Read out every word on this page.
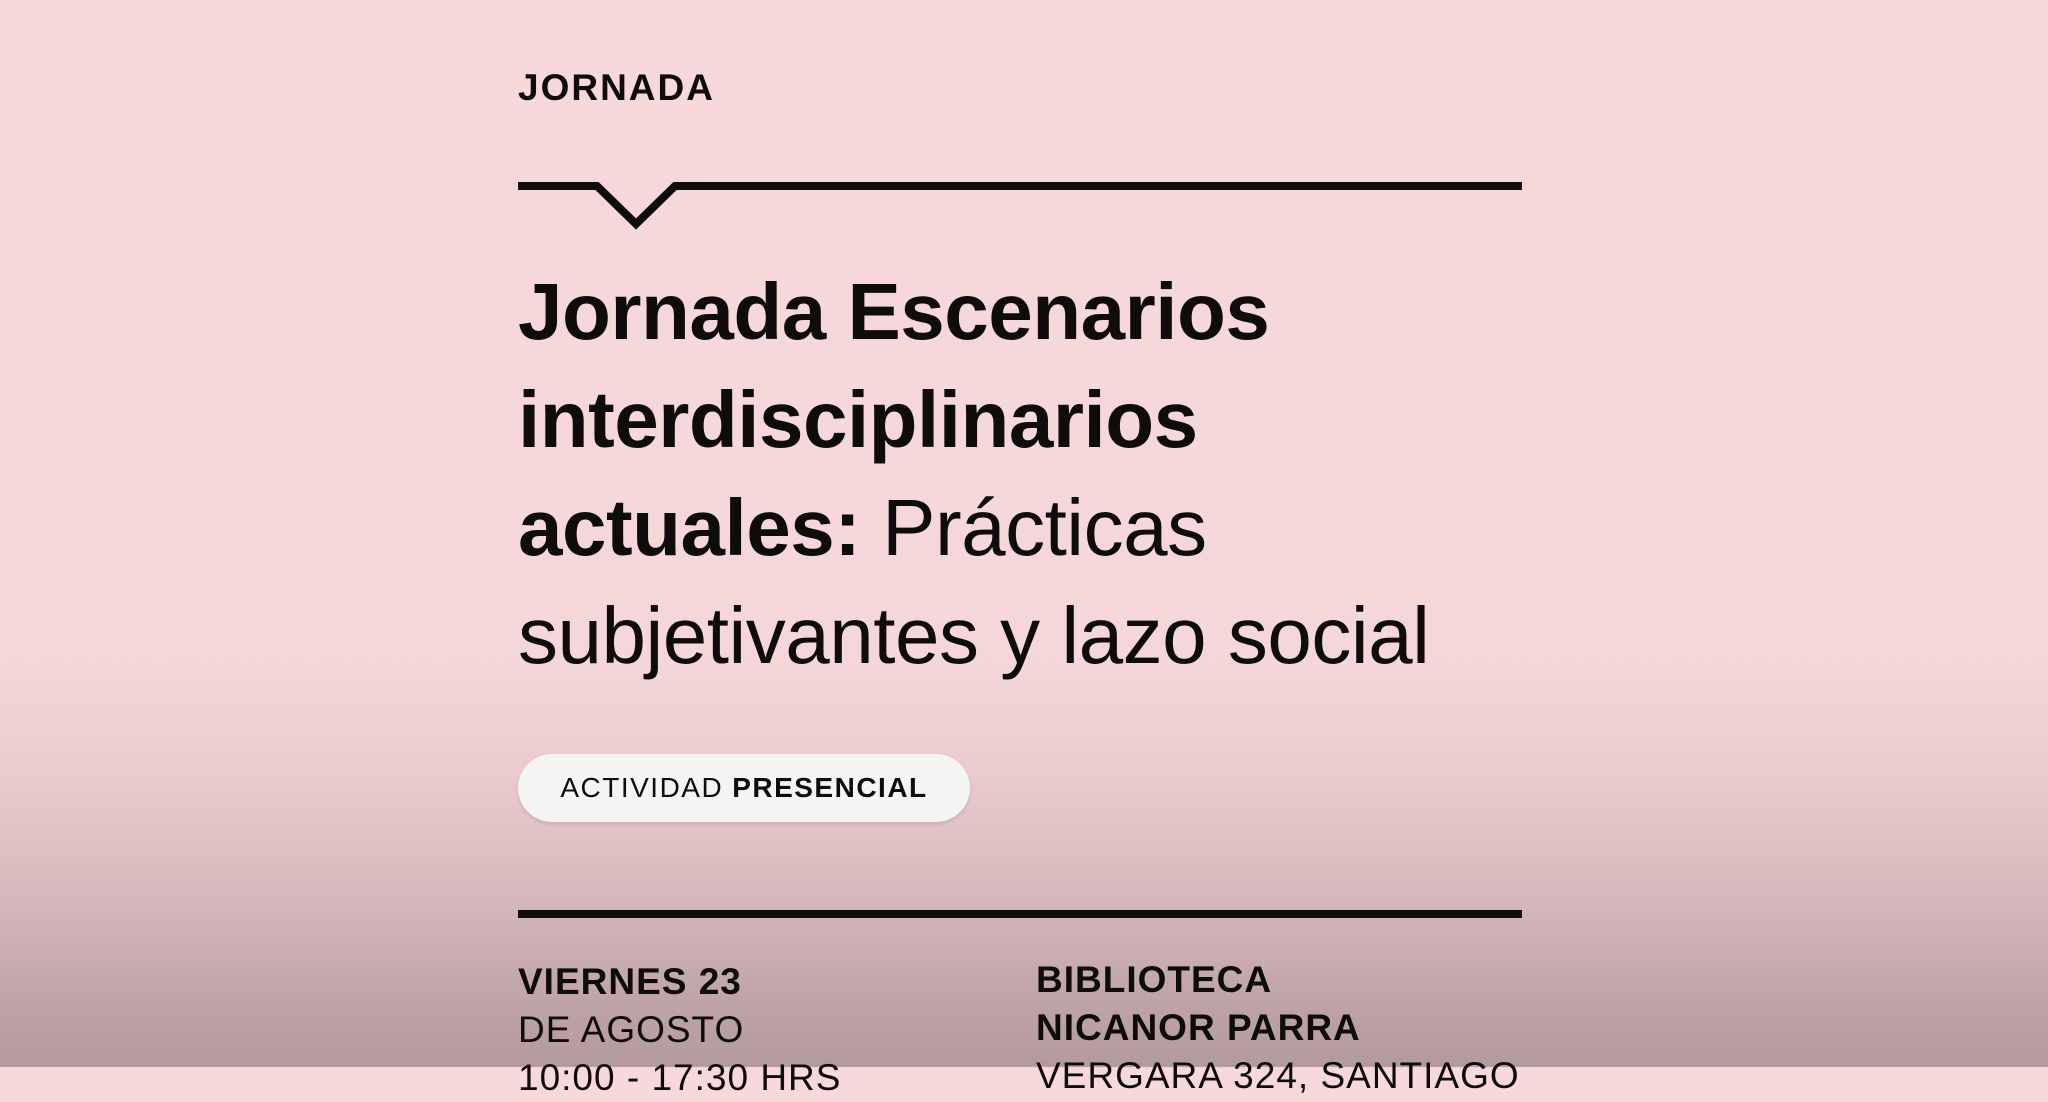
JORNADA
Jornada Escenarios
interdisciplinarios
actuales: Prácticas
subjetivantes y lazo social
ACTIVIDAD PRESENCIAL
VIERNES 23
DE AGOSTO
10:00 - 17:30 HRS
BIBLIOTECA
NICANOR PARRA
VERGARA 324, SANTIAGO
